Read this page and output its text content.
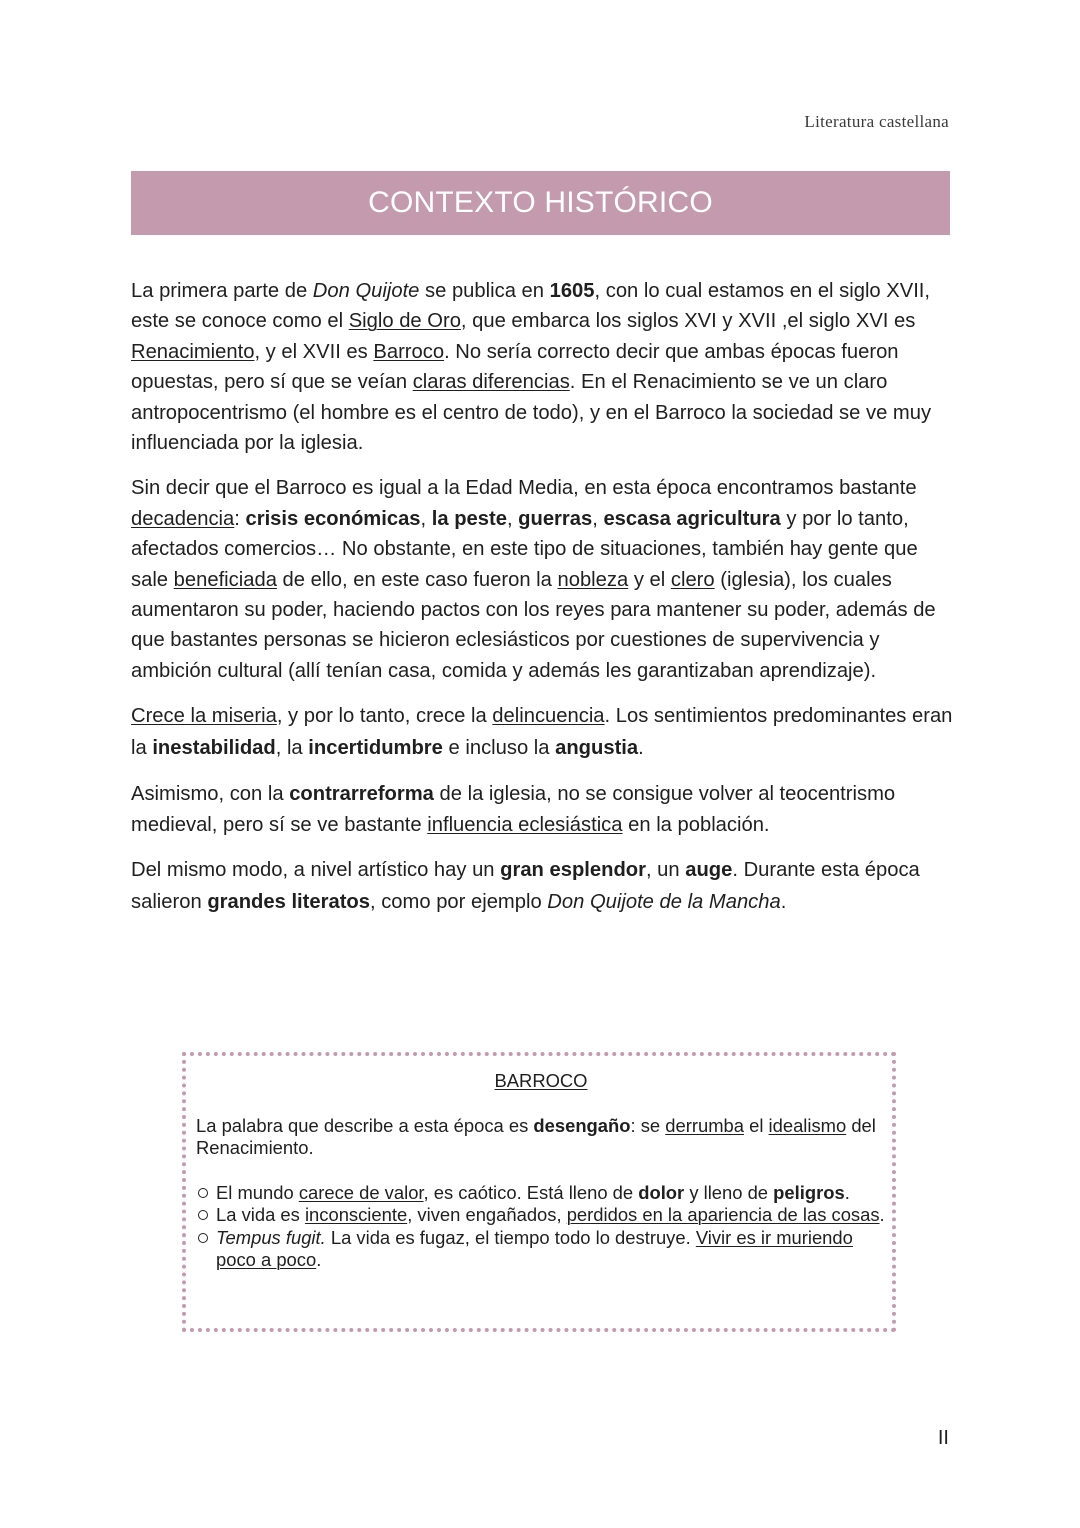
Literatura castellana
CONTEXTO HISTÓRICO

La primera parte de Don Quijote se publica en 1605, con lo cual estamos en el siglo XVII, este se conoce como el Siglo de Oro, que embarca los siglos XVI y XVII ,el siglo XVI es Renacimiento, y el XVII es Barroco. No sería correcto decir que ambas épocas fueron opuestas, pero sí que se veían claras diferencias. En el Renacimiento se ve un claro antropocentrismo (el hombre es el centro de todo), y en el Barroco la sociedad se ve muy influenciada por la iglesia.

Sin decir que el Barroco es igual a la Edad Media, en esta época encontramos bastante decadencia: crisis económicas, la peste, guerras, escasa agricultura y por lo tanto, afectados comercios… No obstante, en este tipo de situaciones, también hay gente que sale beneficiada de ello, en este caso fueron la nobleza y el clero (iglesia), los cuales aumentaron su poder, haciendo pactos con los reyes para mantener su poder, además de que bastantes personas se hicieron eclesiásticos por cuestiones de supervivencia y ambición cultural (allí tenían casa, comida y además les garantizaban aprendizaje).

Crece la miseria, y por lo tanto, crece la delincuencia. Los sentimientos predominantes eran la inestabilidad, la incertidumbre e incluso la angustia.

Asimismo, con la contrarreforma de la iglesia, no se consigue volver al teocentrismo medieval, pero sí se ve bastante influencia eclesiástica en la población.

Del mismo modo, a nivel artístico hay un gran esplendor, un auge. Durante esta época salieron grandes literatos, como por ejemplo Don Quijote de la Mancha.

BARROCO
La palabra que describe a esta época es desengaño: se derrumba el idealismo del Renacimiento.
El mundo carece de valor, es caótico. Está lleno de dolor y lleno de peligros.
La vida es inconsciente, viven engañados, perdidos en la apariencia de las cosas.
Tempus fugit. La vida es fugaz, el tiempo todo lo destruye. Vivir es ir muriendo poco a poco.
II
